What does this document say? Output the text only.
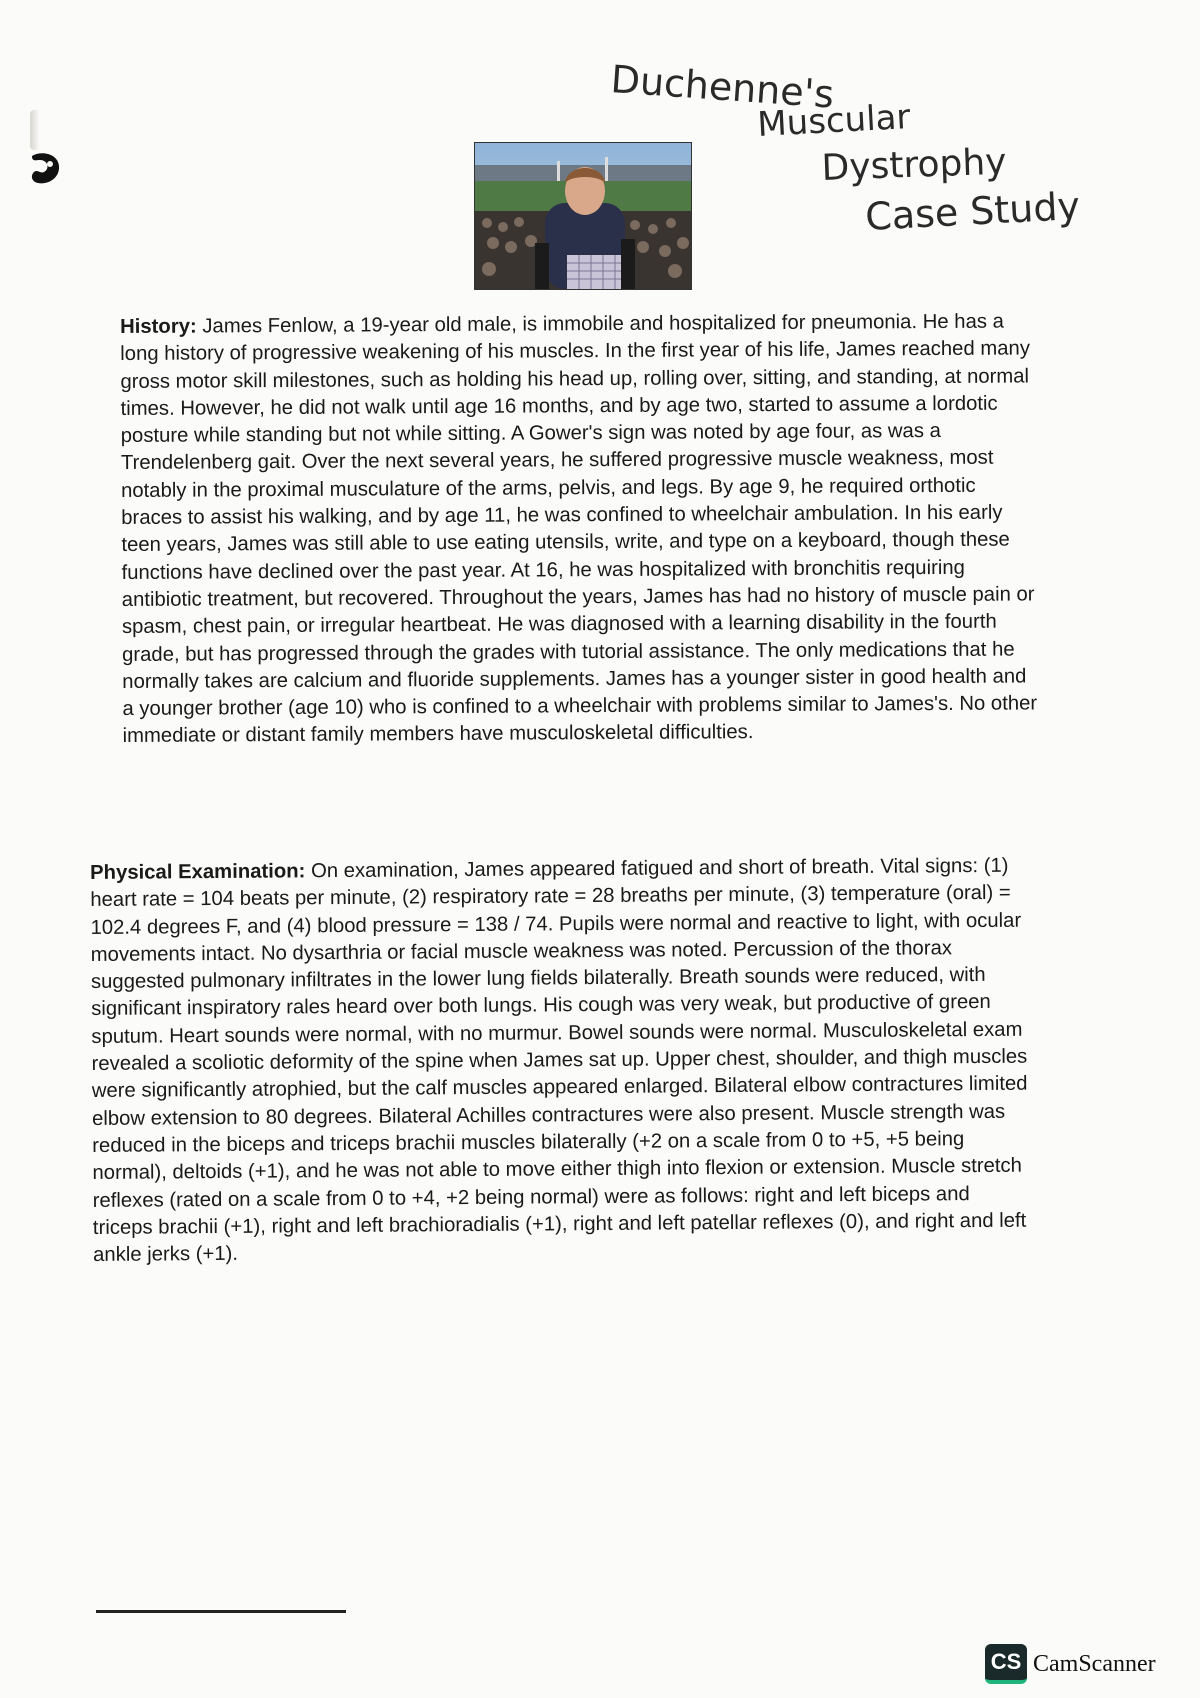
Duchenne's
Muscular
Dystrophy
Case Study

History: James Fenlow, a 19-year old male, is immobile and hospitalized for pneumonia. He has a long history of progressive weakening of his muscles. In the first year of his life, James reached many gross motor skill milestones, such as holding his head up, rolling over, sitting, and standing, at normal times. However, he did not walk until age 16 months, and by age two, started to assume a lordotic posture while standing but not while sitting. A Gower's sign was noted by age four, as was a Trendelenberg gait. Over the next several years, he suffered progressive muscle weakness, most notably in the proximal musculature of the arms, pelvis, and legs. By age 9, he required orthotic braces to assist his walking, and by age 11, he was confined to wheelchair ambulation. In his early teen years, James was still able to use eating utensils, write, and type on a keyboard, though these functions have declined over the past year. At 16, he was hospitalized with bronchitis requiring antibiotic treatment, but recovered. Throughout the years, James has had no history of muscle pain or spasm, chest pain, or irregular heartbeat. He was diagnosed with a learning disability in the fourth grade, but has progressed through the grades with tutorial assistance. The only medications that he normally takes are calcium and fluoride supplements. James has a younger sister in good health and a younger brother (age 10) who is confined to a wheelchair with problems similar to James's. No other immediate or distant family members have musculoskeletal difficulties.

Physical Examination: On examination, James appeared fatigued and short of breath. Vital signs: (1) heart rate = 104 beats per minute, (2) respiratory rate = 28 breaths per minute, (3) temperature (oral) = 102.4 degrees F, and (4) blood pressure = 138 / 74. Pupils were normal and reactive to light, with ocular movements intact. No dysarthria or facial muscle weakness was noted. Percussion of the thorax suggested pulmonary infiltrates in the lower lung fields bilaterally. Breath sounds were reduced, with significant inspiratory rales heard over both lungs. His cough was very weak, but productive of green sputum. Heart sounds were normal, with no murmur. Bowel sounds were normal. Musculoskeletal exam revealed a scoliotic deformity of the spine when James sat up. Upper chest, shoulder, and thigh muscles were significantly atrophied, but the calf muscles appeared enlarged. Bilateral elbow contractures limited elbow extension to 80 degrees. Bilateral Achilles contractures were also present. Muscle strength was reduced in the biceps and triceps brachii muscles bilaterally (+2 on a scale from 0 to +5, +5 being normal), deltoids (+1), and he was not able to move either thigh into flexion or extension. Muscle stretch reflexes (rated on a scale from 0 to +4, +2 being normal) were as follows: right and left biceps and triceps brachii (+1), right and left brachioradialis (+1), right and left patellar reflexes (0), and right and left ankle jerks (+1).

CS CamScanner
